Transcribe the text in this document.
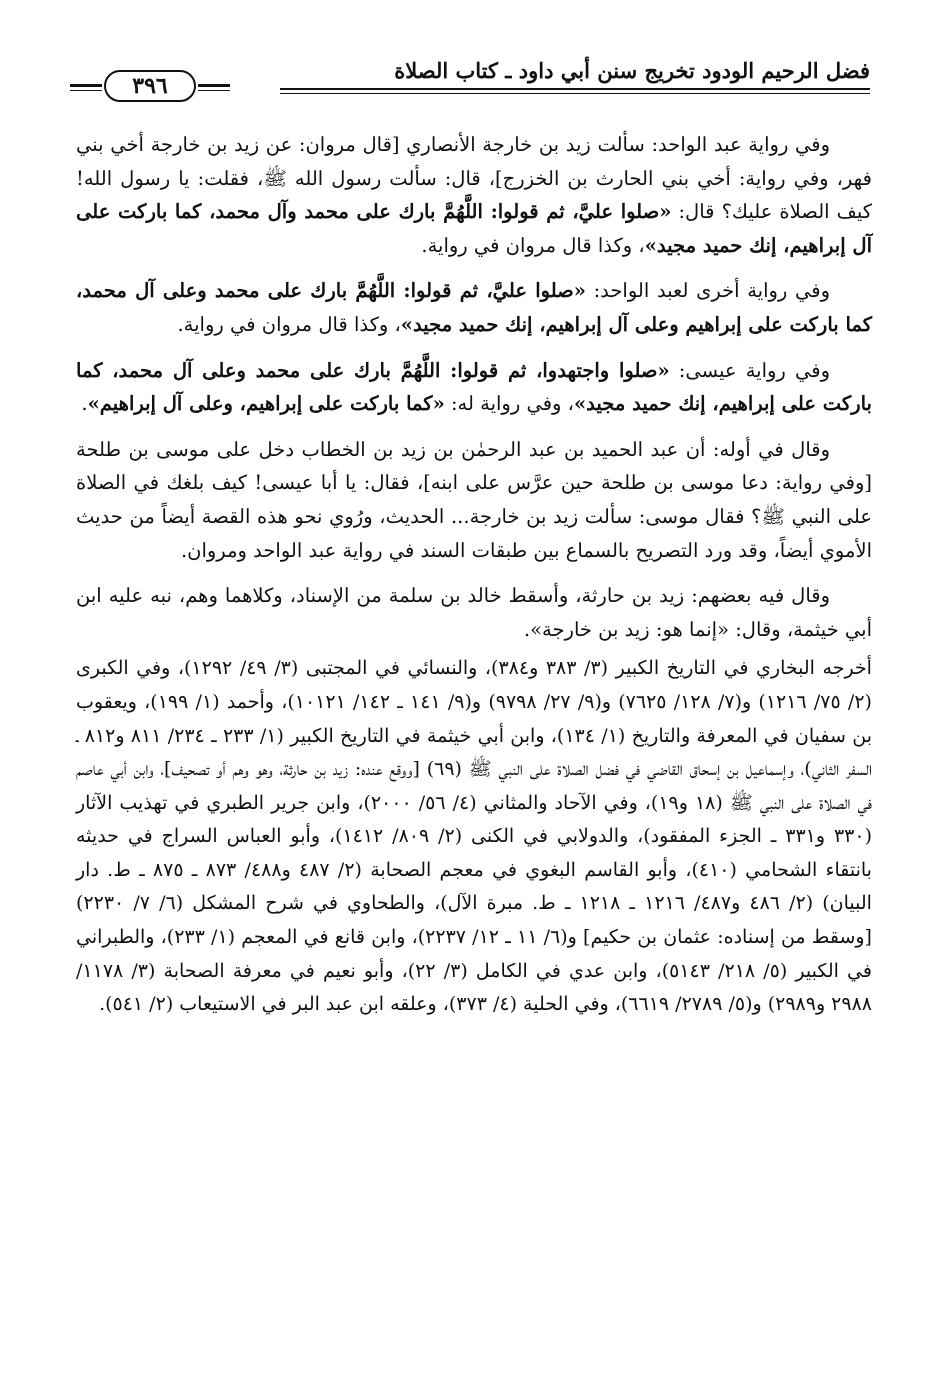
فضل الرحيم الودود تخريج سنن أبي داود ـ كتاب الصلاة
٣٩٦

وفي رواية عبد الواحد: سألت زيد بن خارجة الأنصاري [قال مروان: عن زيد بن خارجة أخي بني فهر، وفي رواية: أخي بني الحارث بن الخزرج]، قال: سألت رسول الله ﷺ، فقلت: يا رسول الله! كيف الصلاة عليك؟ قال: «صلوا عليَّ، ثم قولوا: اللَّهُمَّ بارك على محمد وآل محمد، كما باركت على آل إبراهيم، إنك حميد مجيد»، وكذا قال مروان في رواية.

وفي رواية أخرى لعبد الواحد: «صلوا عليَّ، ثم قولوا: اللَّهُمَّ بارك على محمد وعلى آل محمد، كما باركت على إبراهيم وعلى آل إبراهيم، إنك حميد مجيد»، وكذا قال مروان في رواية.

وفي رواية عيسى: «صلوا واجتهدوا، ثم قولوا: اللَّهُمَّ بارك على محمد وعلى آل محمد، كما باركت على إبراهيم، إنك حميد مجيد»، وفي رواية له: «كما باركت على إبراهيم، وعلى آل إبراهيم».

وقال في أوله: أن عبد الحميد بن عبد الرحمٰن بن زيد بن الخطاب دخل على موسى بن طلحة [وفي رواية: دعا موسى بن طلحة حين عرَّس على ابنه]، فقال: يا أبا عيسى! كيف بلغك في الصلاة على النبي ﷺ؟ فقال موسى: سألت زيد بن خارجة... الحديث، ورُوي نحو هذه القصة أيضاً من حديث الأموي أيضاً، وقد ورد التصريح بالسماع بين طبقات السند في رواية عبد الواحد ومروان.

وقال فيه بعضهم: زيد بن حارثة، وأسقط خالد بن سلمة من الإسناد، وكلاهما وهم، نبه عليه ابن أبي خيثمة، وقال: «إنما هو: زيد بن خارجة».

أخرجه البخاري في التاريخ الكبير (٣/ ٣٨٣ و٣٨٤)، والنسائي في المجتبى (٣/ ٤٩/ ١٢٩٢)، وفي الكبرى (٢/ ٧٥/ ١٢١٦) و(٧/ ١٢٨/ ٧٦٢٥) و(٩/ ٢٧/ ٩٧٩٨) و(٩/ ١٤١ ـ ١٤٢/ ١٠١٢١)، وأحمد (١/ ١٩٩)، ويعقوب بن سفيان في المعرفة والتاريخ (١/ ١٣٤)، وابن أبي خيثمة في التاريخ الكبير (١/ ٢٣٣ ـ ٢٣٤/ ٨١١ و٨١٢ ـ السفر الثاني)، وإسماعيل بن إسحاق القاضي في فضل الصلاة على النبي ﷺ (٦٩) [ووقع عنده: زيد بن حارثة، وهو وهم أو تصحيف]، وابن أبي عاصم في الصلاة على النبي ﷺ (١٨ و١٩)، وفي الآحاد والمثاني (٤/ ٥٦/ ٢٠٠٠)، وابن جرير الطبري في تهذيب الآثار (٣٣٠ و٣٣١ ـ الجزء المفقود)، والدولابي في الكنى (٢/ ٨٠٩/ ١٤١٢)، وأبو العباس السراج في حديثه بانتقاء الشحامي (٤١٠)، وأبو القاسم البغوي في معجم الصحابة (٢/ ٤٨٧ و٤٨٨/ ٨٧٣ ـ ٨٧٥ ـ ط. دار البيان) (٢/ ٤٨٦ و٤٨٧/ ١٢١٦ ـ ١٢١٨ ـ ط. مبرة الآل)، والطحاوي في شرح المشكل (٦/ ٧/ ٢٢٣٠) [وسقط من إسناده: عثمان بن حكيم] و(٦/ ١١ ـ ١٢/ ٢٢٣٧)، وابن قانع في المعجم (١/ ٢٣٣)، والطبراني في الكبير (٥/ ٢١٨/ ٥١٤٣)، وابن عدي في الكامل (٣/ ٢٢)، وأبو نعيم في معرفة الصحابة (٣/ ١١٧٨/ ٢٩٨٨ و٢٩٨٩) و(٥/ ٢٧٨٩/ ٦٦١٩)، وفي الحلية (٤/ ٣٧٣)، وعلقه ابن عبد البر في الاستيعاب (٢/ ٥٤١).
